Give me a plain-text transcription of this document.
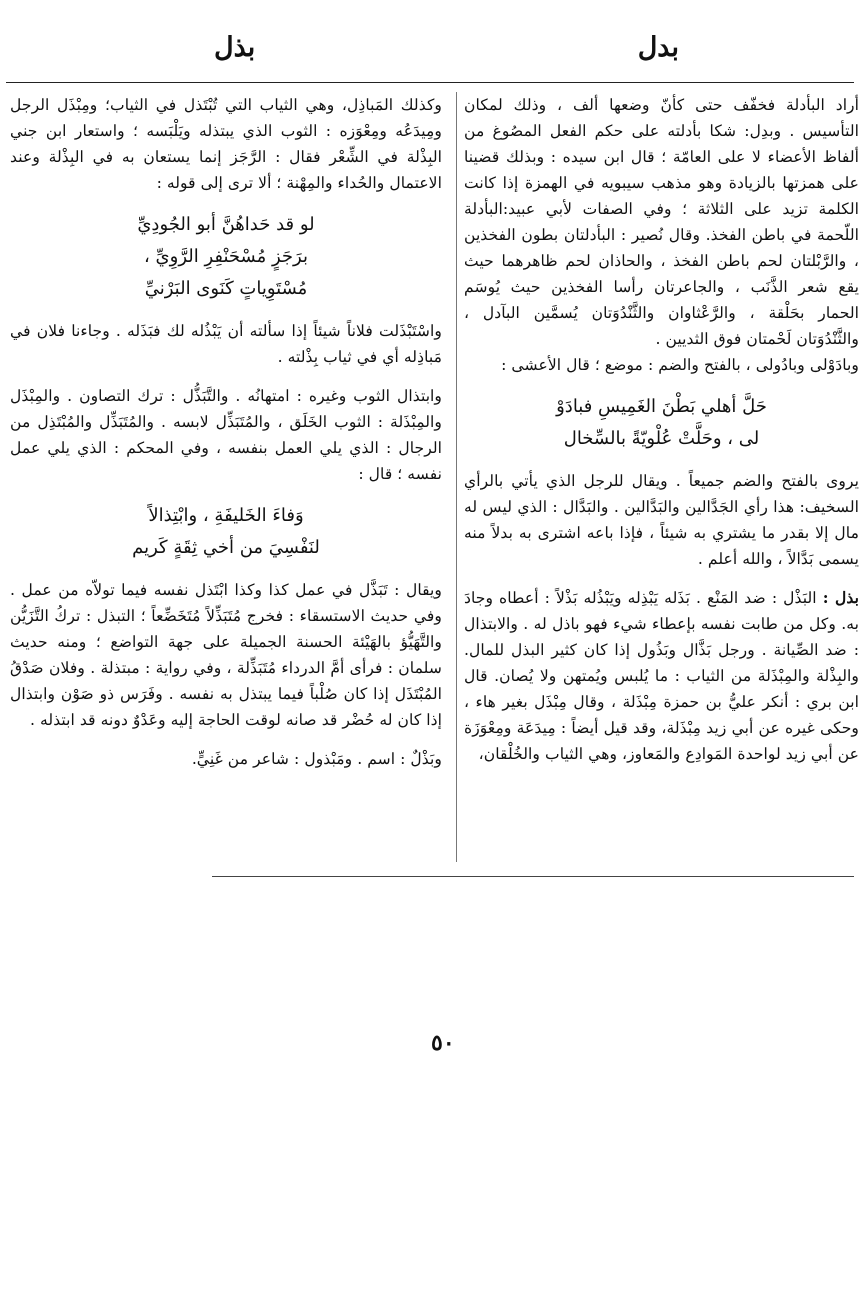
بدل
بذل

أراد البأدلة فخفّف حتى كأنّ وضعها ألف ، وذلك لمكان التأسيس . وبدِل: شكا بأدلته على حكم الفعل المصُوغ من ألفاظ الأعضاء لا على العامّة ؛ قال ابن سيده : وبذلك قضينا على همزتها بالزيادة وهو مذهب سيبويه في الهمزة إذا كانت الكلمة تزيد على الثلاثة ؛ وفي الصفات لأبي عبيد:البأدلة اللّحمة في باطن الفخذ. وقال نُصير : البأدلتان بطون الفخذين ، والرَّبْلتان لحم باطن الفخذ ، والحاذان لحم ظاهرهما حيث يقع شعر الذَّنَب ، والجاعرتان رأسا الفخذين حيث يُوسَم الحمار بحَلْقة ، والرَّعْثاوان والثَّنْدُوَتان يُسمَّين البآدل ، والثَّنْدُوَتان لَحْمتان فوق الثديين .

وبادَوْلى وبادُولى ، بالفتح والضم : موضع ؛ قال الأعشى :

حَلَّ أهلي بَطْنَ الغَمِيسِ فبادَوْ

لى ، وحَلَّتْ عُلْويّةً بالسِّخال

يروى بالفتح والضم جميعاً . ويقال للرجل الذي يأتي بالرأي السخيف: هذا رأي الجَدَّالين والبَدَّالين . والبَدَّال : الذي ليس له مال إلا بقدر ما يشتري به شيئاً ، فإذا باعه اشترى به بدلاً منه يسمى بَدَّالاً ، والله أعلم .

بذل : البَذْل : ضد المَنْع . بَذَله يَبْذِله ويَبْذُله بَذْلاً : أعطاه وجادَ به. وكل من طابت نفسه بإعطاء شيء فهو باذل له . والابتذال : ضد الصِّيانة . ورجل بَذَّال وبَذُول إذا كان كثير البذل للمال. والبِذْلة والمِبْذَلة من الثياب : ما يُلبس ويُمتهن ولا يُصان. قال ابن بري : أنكر عليُّ بن حمزة مِبْذَلة ، وقال مِبْذَل بغير هاء ، وحكى غيره عن أبي زيد مِبْذَلة، وقد قيل أيضاً : مِيدَعَة ومِعْوَزَة عن أبي زيد لواحدة المَوادِع والمَعاوز، وهي الثياب والخُلْقان،

وكذلك المَباذِل، وهي الثياب التي تُبْتَذل في الثياب؛ ومِبْذَل الرجل ومِيدَعُه ومِعْوَزه : الثوب الذي يبتذله ويَلْبَسه ؛ واستعار ابن جني البِذْلة في الشِّعْر فقال : الرَّجَز إنما يستعان به في البِذْلة وعند الاعتمال والحُداء والمِهْنة ؛ ألا ترى إلى قوله :

لو قد حَداهُنَّ أبو الجُودِيِّ

برَجَزٍ مُسْحَنْفِرِ الرَّوِيِّ ،

مُسْتَوِياتٍ كَنَوى البَرْنيِّ

واسْتَبْذَلت فلاناً شيئاً إذا سألته أن يَبْذُله لك فبَذَله . وجاءنا فلان في مَباذِله أي في ثياب بِذْلته .

وابتذال الثوب وغيره : امتهانُه . والتَّبَذُّل : ترك التصاون . والمِبْذَل والمِبْذَلة : الثوب الخَلَق ، والمُتَبَذِّل لابسه . والمُتَبَذِّل والمُبْتَذِل من الرجال : الذي يلي العمل بنفسه ، وفي المحكم : الذي يلي عمل نفسه ؛ قال :

وَفاءَ الخَليفَةِ ، وابْتِذالاً

لنَفْسِيَ من أخي ثِقَةٍ كَريم

ويقال : تَبَذَّل في عمل كذا وكذا ابْتَذل نفسه فيما تولاّه من عمل . وفي حديث الاستسقاء : فخرج مُتَبَذِّلاً مُتَخَضِّعاً ؛ التبذل : تركُ التَّزَيُّن والتَّهَيُّؤ بالهَيْئة الحسنة الجميلة على جهة التواضع ؛ ومنه حديث سلمان : فرأى أمَّ الدرداء مُتَبَذِّلة ، وفي رواية : مبتذلة . وفلان صَدْقُ المُبْتَذَل إذا كان صُلْباً فيما يبتذل به نفسه . وفَرَس ذو صَوْن وابتذال إذا كان له حُضْر قد صانه لوقت الحاجة إليه وعَدْوٌ دونه قد ابتذله .

وبَذْلٌ : اسم . ومَبْذول : شاعر من غَنِيٍّ.

٥٠
